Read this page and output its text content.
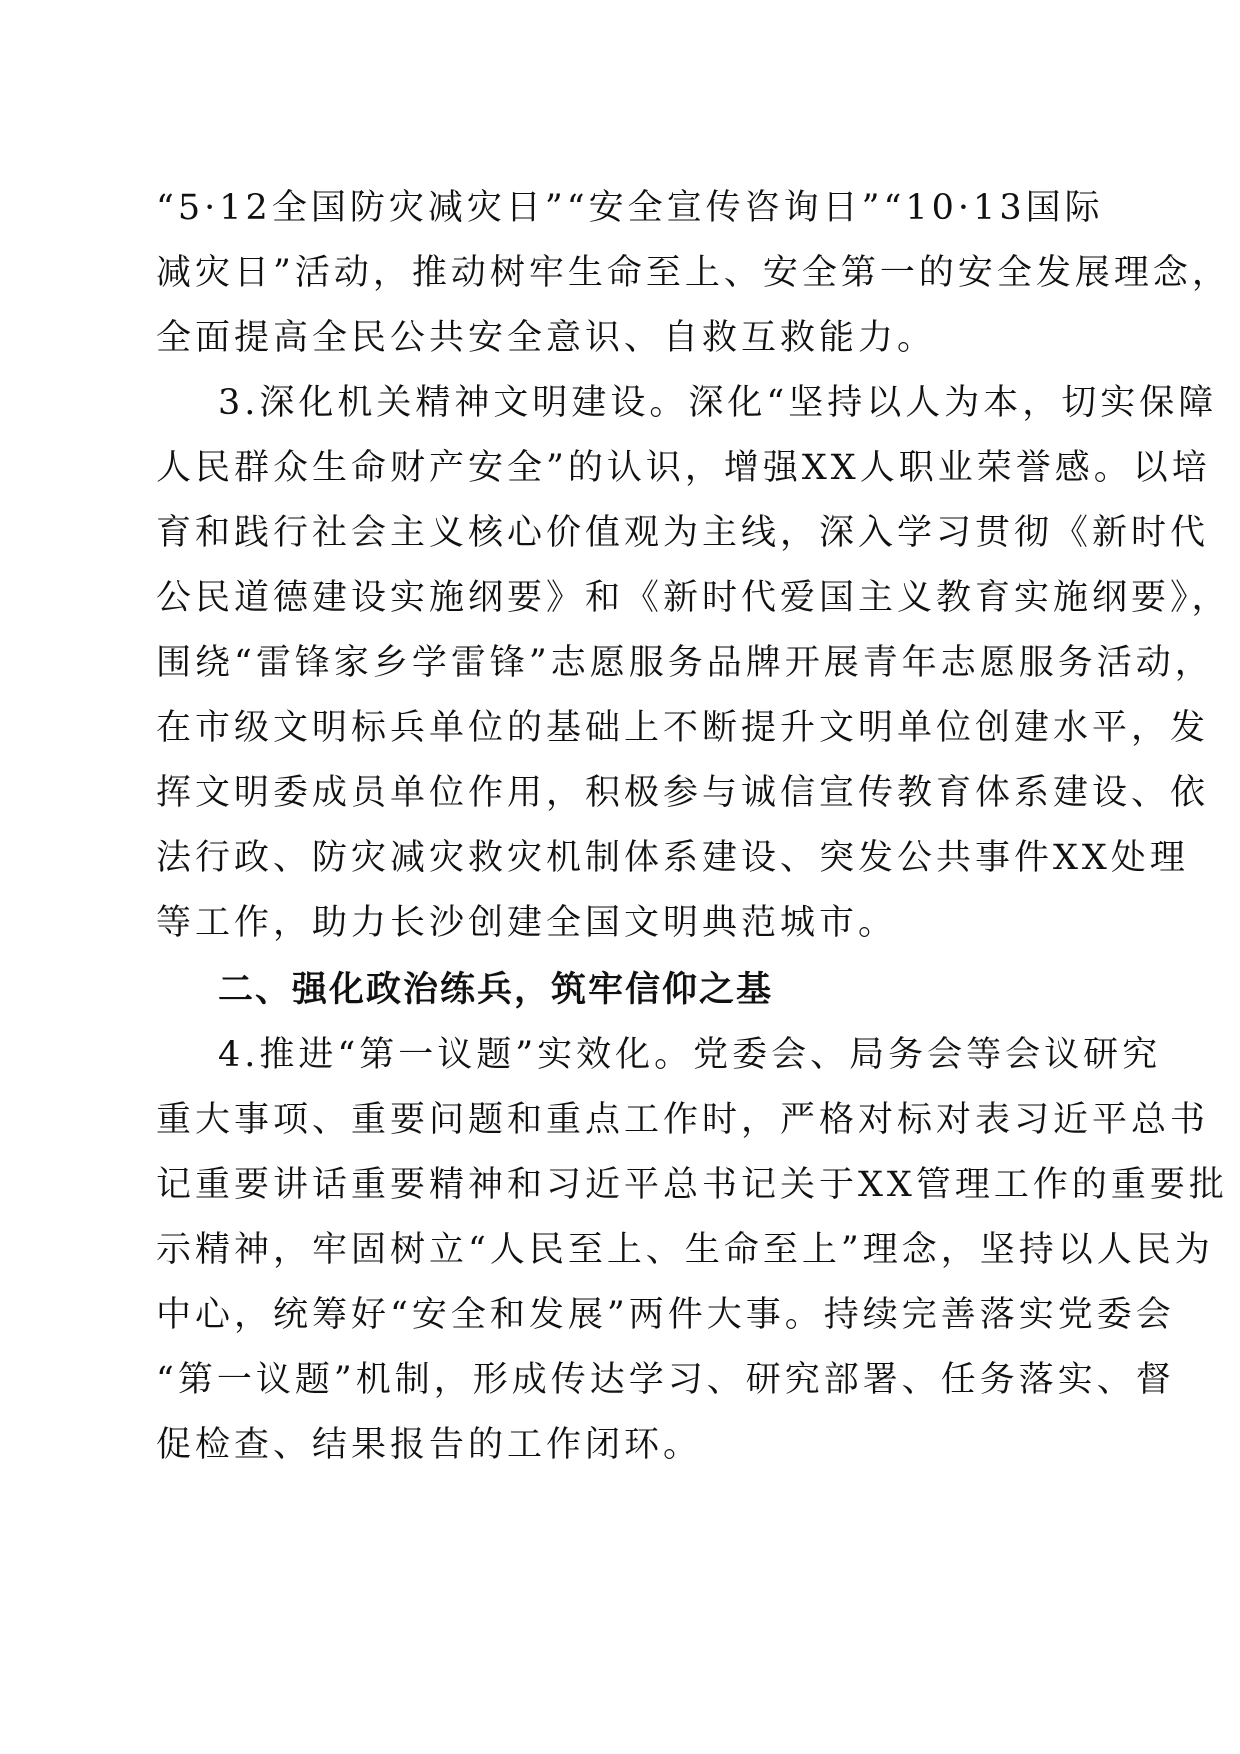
“5·12全国防灾减灾日”“安全宣传咨询日”“10·13国际
减灾日”活动，推动树牢生命至上、安全第一的安全发展理念，
全面提高全民公共安全意识、自救互救能力。
3.深化机关精神文明建设。深化“坚持以人为本，切实保障
人民群众生命财产安全”的认识，增强XX人职业荣誉感。以培
育和践行社会主义核心价值观为主线，深入学习贯彻《新时代
公民道德建设实施纲要》和《新时代爱国主义教育实施纲要》，
围绕“雷锋家乡学雷锋”志愿服务品牌开展青年志愿服务活动，
在市级文明标兵单位的基础上不断提升文明单位创建水平，发
挥文明委成员单位作用，积极参与诚信宣传教育体系建设、依
法行政、防灾减灾救灾机制体系建设、突发公共事件XX处理
等工作，助力长沙创建全国文明典范城市。
二、强化政治练兵，筑牢信仰之基
4.推进“第一议题”实效化。党委会、局务会等会议研究
重大事项、重要问题和重点工作时，严格对标对表习近平总书
记重要讲话重要精神和习近平总书记关于XX管理工作的重要批
示精神，牢固树立“人民至上、生命至上”理念，坚持以人民为
中心，统筹好“安全和发展”两件大事。持续完善落实党委会
“第一议题”机制，形成传达学习、研究部署、任务落实、督
促检查、结果报告的工作闭环。
